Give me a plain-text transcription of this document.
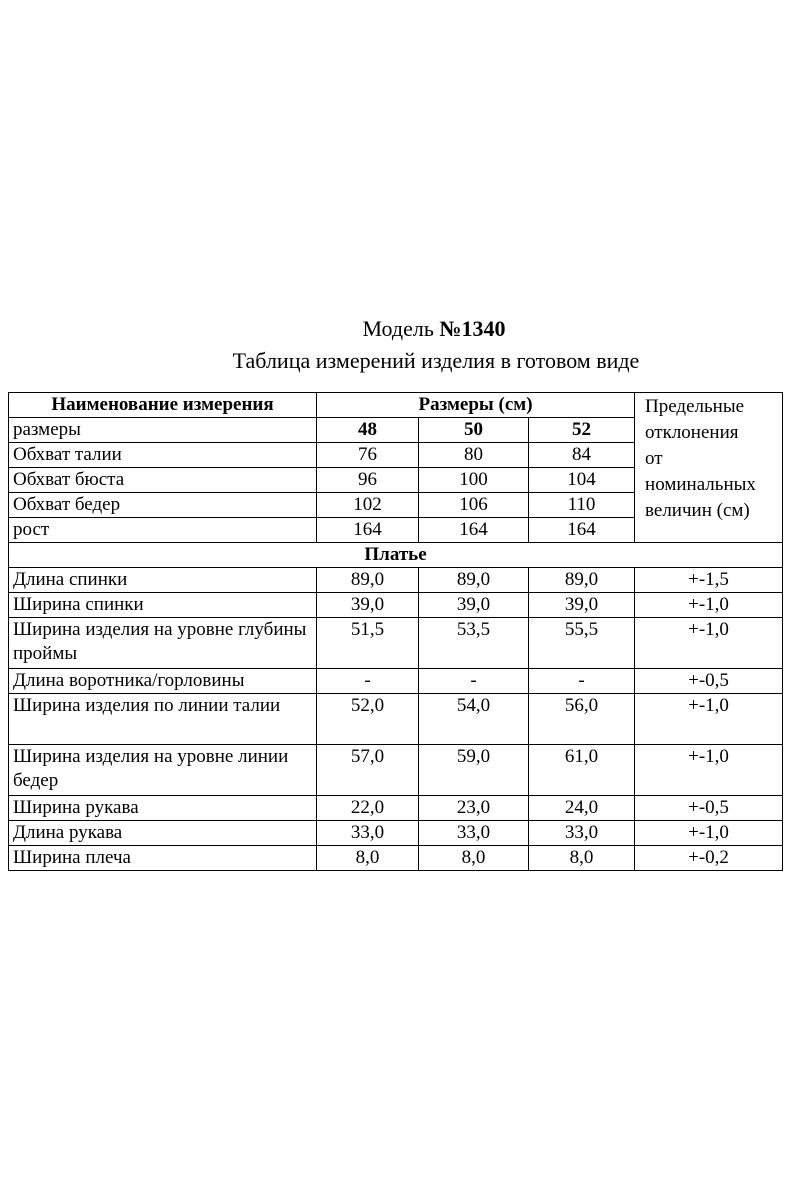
Модель №1340
Таблица измерений изделия в готовом виде
Наименование измерения	Размеры (см)			Предельные
отклонения
от
номинальных
величин (см)
размеры	48	50	52	
Обхват талии	76	80	84	
Обхват бюста	96	100	104	
Обхват бедер	102	106	110	
рост	164	164	164	
Платье				
Длина спинки	89,0	89,0	89,0	+-1,5
Ширина спинки	39,0	39,0	39,0	+-1,0
Ширина изделия на уровне глубины проймы	51,5	53,5	55,5	+-1,0
Длина воротника/горловины	-	-	-	+-0,5
Ширина изделия по линии талии	52,0	54,0	56,0	+-1,0
Ширина изделия на уровне линии бедер	57,0	59,0	61,0	+-1,0
Ширина рукава	22,0	23,0	24,0	+-0,5
Длина рукава	33,0	33,0	33,0	+-1,0
Ширина плеча	8,0	8,0	8,0	+-0,2
